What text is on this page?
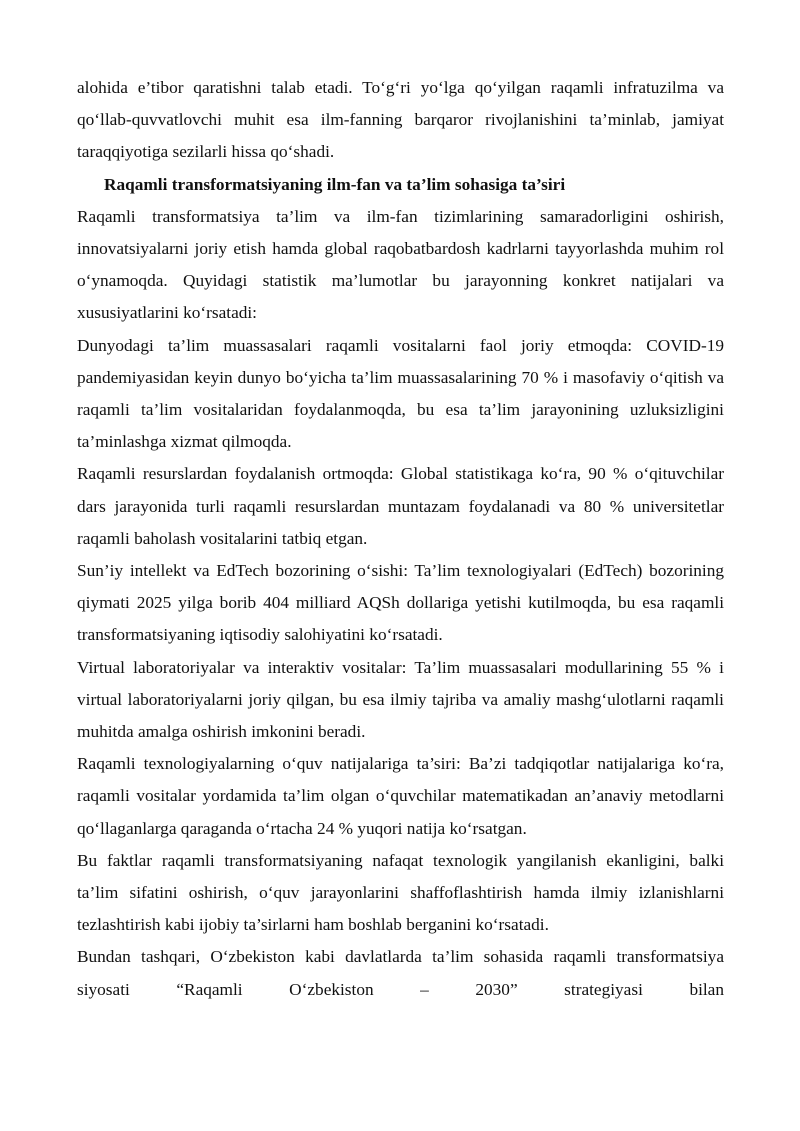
alohida e’tibor qaratishni talab etadi. To‘g‘ri yo‘lga qo‘yilgan raqamli infratuzilma va qo‘llab-quvvatlovchi muhit esa ilm-fanning barqaror rivojlanishini ta’minlab, jamiyat taraqqiyotiga sezilarli hissa qo‘shadi.

Raqamli transformatsiyaning ilm-fan va ta’lim sohasiga ta’siri

Raqamli transformatsiya ta’lim va ilm-fan tizimlarining samaradorligini oshirish, innovatsiyalarni joriy etish hamda global raqobatbardosh kadrlarni tayyorlashda muhim rol o‘ynamoqda. Quyidagi statistik ma’lumotlar bu jarayonning konkret natijalari va xususiyatlarini ko‘rsatadi:

Dunyodagi ta’lim muassasalari raqamli vositalarni faol joriy etmoqda: COVID-19 pandemiyasidan keyin dunyo bo‘yicha ta’lim muassasalarining 70 % i masofaviy o‘qitish va raqamli ta’lim vositalaridan foydalanmoqda, bu esa ta’lim jarayonining uzluksizligini ta’minlashga xizmat qilmoqda.

Raqamli resurslardan foydalanish ortmoqda: Global statistikaga ko‘ra, 90 % o‘qituvchilar dars jarayonida turli raqamli resurslardan muntazam foydalanadi va 80 % universitetlar raqamli baholash vositalarini tatbiq etgan.

Sun’iy intellekt va EdTech bozorining o‘sishi: Ta’lim texnologiyalari (EdTech) bozorining qiymati 2025 yilga borib 404 milliard AQSh dollariga yetishi kutilmoqda, bu esa raqamli transformatsiyaning iqtisodiy salohiyatini ko‘rsatadi.

Virtual laboratoriyalar va interaktiv vositalar: Ta’lim muassasalari modullarining 55 % i virtual laboratoriyalarni joriy qilgan, bu esa ilmiy tajriba va amaliy mashg‘ulotlarni raqamli muhitda amalga oshirish imkonini beradi.

Raqamli texnologiyalarning o‘quv natijalariga ta’siri: Ba’zi tadqiqotlar natijalariga ko‘ra, raqamli vositalar yordamida ta’lim olgan o‘quvchilar matematikadan an’anaviy metodlarni qo‘llaganlarga qaraganda o‘rtacha 24 % yuqori natija ko‘rsatgan.

Bu faktlar raqamli transformatsiyaning nafaqat texnologik yangilanish ekanligini, balki ta’lim sifatini oshirish, o‘quv jarayonlarini shaffoflashtirish hamda ilmiy izlanishlarni tezlashtirish kabi ijobiy ta’sirlarni ham boshlab berganini ko‘rsatadi.

Bundan tashqari, O‘zbekiston kabi davlatlarda ta’lim sohasida raqamli transformatsiya siyosati “Raqamli O‘zbekiston – 2030” strategiyasi bilan
